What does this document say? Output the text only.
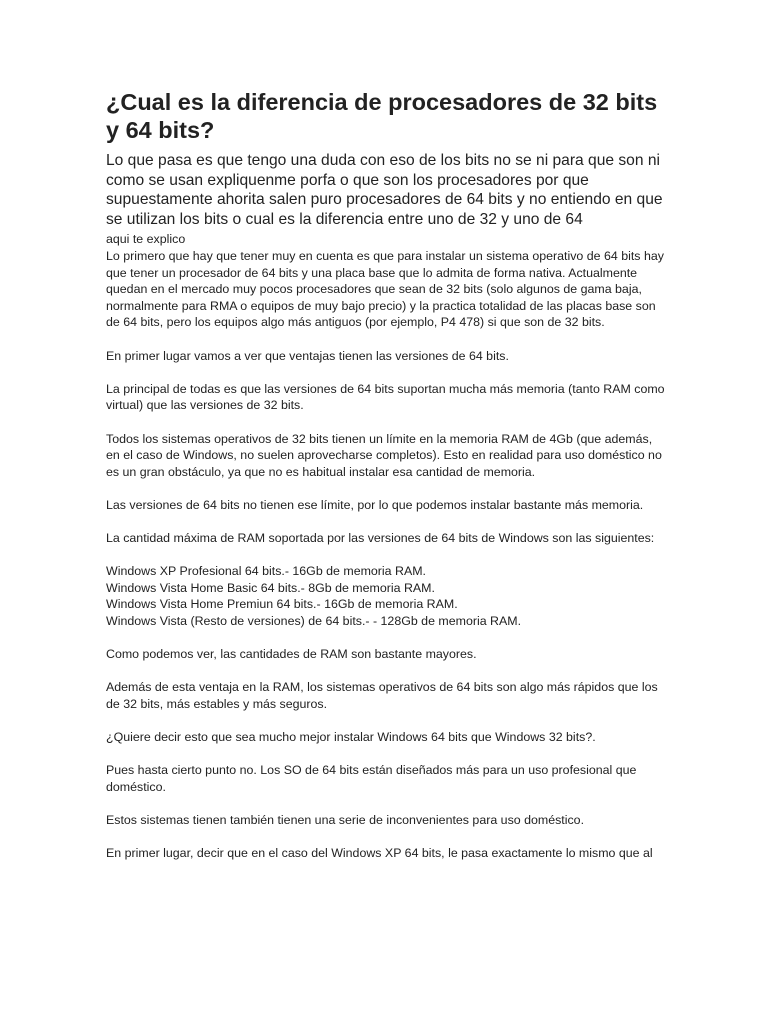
¿Cual es la diferencia de procesadores de 32 bits y 64 bits?

Lo que pasa es que tengo una duda con eso de los bits no se ni para que son ni como se usan expliquenme porfa o que son los procesadores por que supuestamente ahorita salen puro procesadores de 64 bits y no entiendo en que se utilizan los bits o cual es la diferencia entre uno de 32 y uno de 64

aqui te explico

Lo primero que hay que tener muy en cuenta es que para instalar un sistema operativo de 64 bits hay que tener un procesador de 64 bits y una placa base que lo admita de forma nativa. Actualmente quedan en el mercado muy pocos procesadores que sean de 32 bits (solo algunos de gama baja, normalmente para RMA o equipos de muy bajo precio) y la practica totalidad de las placas base son de 64 bits, pero los equipos algo más antiguos (por ejemplo, P4 478) si que son de 32 bits.

En primer lugar vamos a ver que ventajas tienen las versiones de 64 bits.

La principal de todas es que las versiones de 64 bits suportan mucha más memoria (tanto RAM como virtual) que las versiones de 32 bits.

Todos los sistemas operativos de 32 bits tienen un límite en la memoria RAM de 4Gb (que además, en el caso de Windows, no suelen aprovecharse completos). Esto en realidad para uso doméstico no es un gran obstáculo, ya que no es habitual instalar esa cantidad de memoria.

Las versiones de 64 bits no tienen ese límite, por lo que podemos instalar bastante más memoria.

La cantidad máxima de RAM soportada por las versiones de 64 bits de Windows son las siguientes:

Windows XP Profesional 64 bits.- 16Gb de memoria RAM.
Windows Vista Home Basic 64 bits.- 8Gb de memoria RAM.
Windows Vista Home Premiun 64 bits.- 16Gb de memoria RAM.
Windows Vista (Resto de versiones) de 64 bits.- - 128Gb de memoria RAM.

Como podemos ver, las cantidades de RAM son bastante mayores.

Además de esta ventaja en la RAM, los sistemas operativos de 64 bits son algo más rápidos que los de 32 bits, más estables y más seguros.

¿Quiere decir esto que sea mucho mejor instalar Windows 64 bits que Windows 32 bits?.

Pues hasta cierto punto no. Los SO de 64 bits están diseñados más para un uso profesional que doméstico.

Estos sistemas tienen también tienen una serie de inconvenientes para uso doméstico.

En primer lugar, decir que en el caso del Windows XP 64 bits, le pasa exactamente lo mismo que al
